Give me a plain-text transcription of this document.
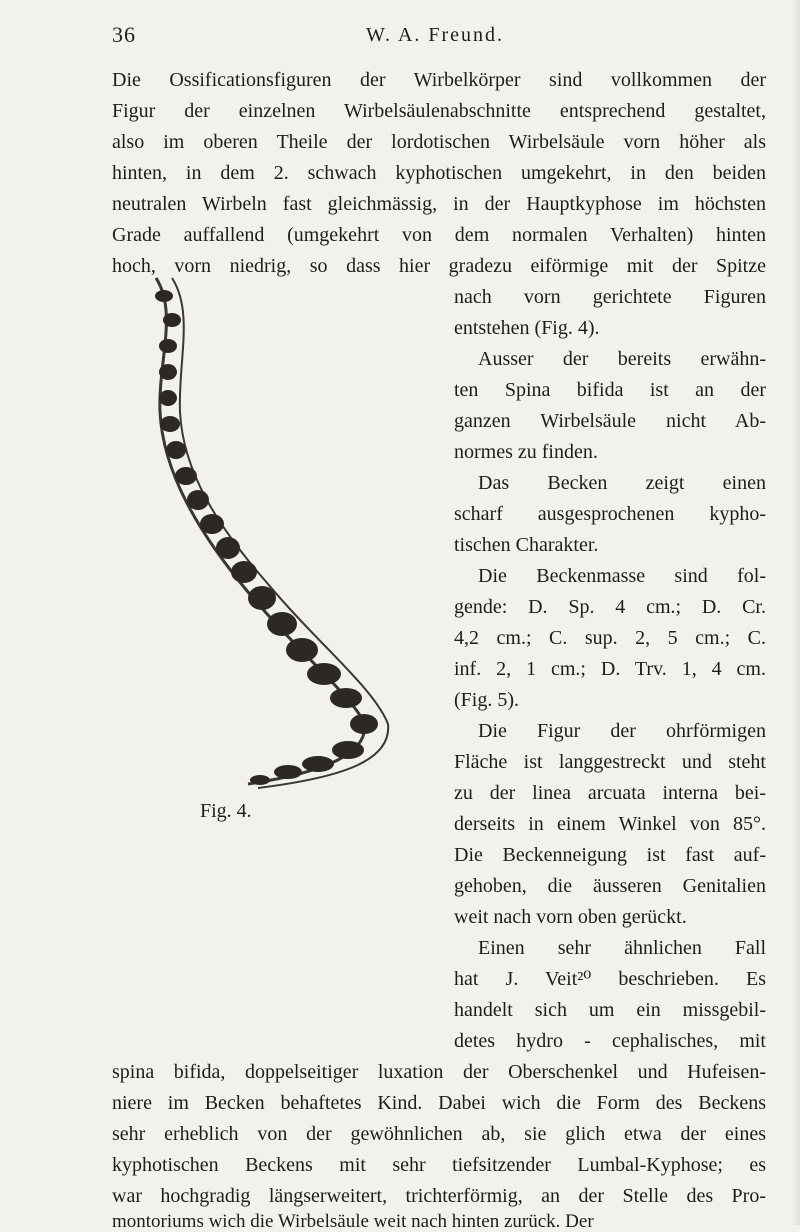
36	W. A. Freund.
Die Ossificationsfiguren der Wirbelkörper sind vollkommen der
Figur der einzelnen Wirbelsäulenabschnitte entsprechend gestaltet,
also im oberen Theile der lordotischen Wirbelsäule vorn höher als
hinten, in dem 2. schwach kyphotischen umgekehrt, in den beiden
neutralen Wirbeln fast gleichmässig, in der Hauptkyphose im höchsten
Grade auffallend (umgekehrt von dem normalen Verhalten) hinten
hoch, vorn niedrig, so dass hier gradezu eiförmige mit der Spitze
nach vorn gerichtete Figuren
entstehen (Fig. 4).
Ausser der bereits erwähn-
ten Spina bifida ist an der
ganzen Wirbelsäule nicht Ab-
normes zu finden.
Das Becken zeigt einen
scharf ausgesprochenen kypho-
tischen Charakter.
Die Beckenmasse sind fol-
gende: D. Sp. 4 cm.; D. Cr.
4,2 cm.; C. sup. 2, 5 cm.; C.
inf. 2, 1 cm.; D. Trv. 1, 4 cm.
(Fig. 5).
Die Figur der ohrförmigen
Fläche ist langgestreckt und steht
zu der linea arcuata interna bei-
derseits in einem Winkel von 85°.
Die Beckenneigung ist fast auf-
gehoben, die äusseren Genitalien
weit nach vorn oben gerückt.
Einen sehr ähnlichen Fall
hat J. Veit²⁰ beschrieben. Es
handelt sich um ein missgebil-
detes hydro - cephalisches, mit
spina bifida, doppelseitiger luxation der Oberschenkel und Hufeisen-
niere im Becken behaftetes Kind. Dabei wich die Form des Beckens
sehr erheblich von der gewöhnlichen ab, sie glich etwa der eines
kyphotischen Beckens mit sehr tiefsitzender Lumbal-Kyphose; es
war hochgradig längserweitert, trichterförmig, an der Stelle des Pro-
montoriums wich die Wirbelsäule weit nach hinten zurück. Der
Fig. 4.
